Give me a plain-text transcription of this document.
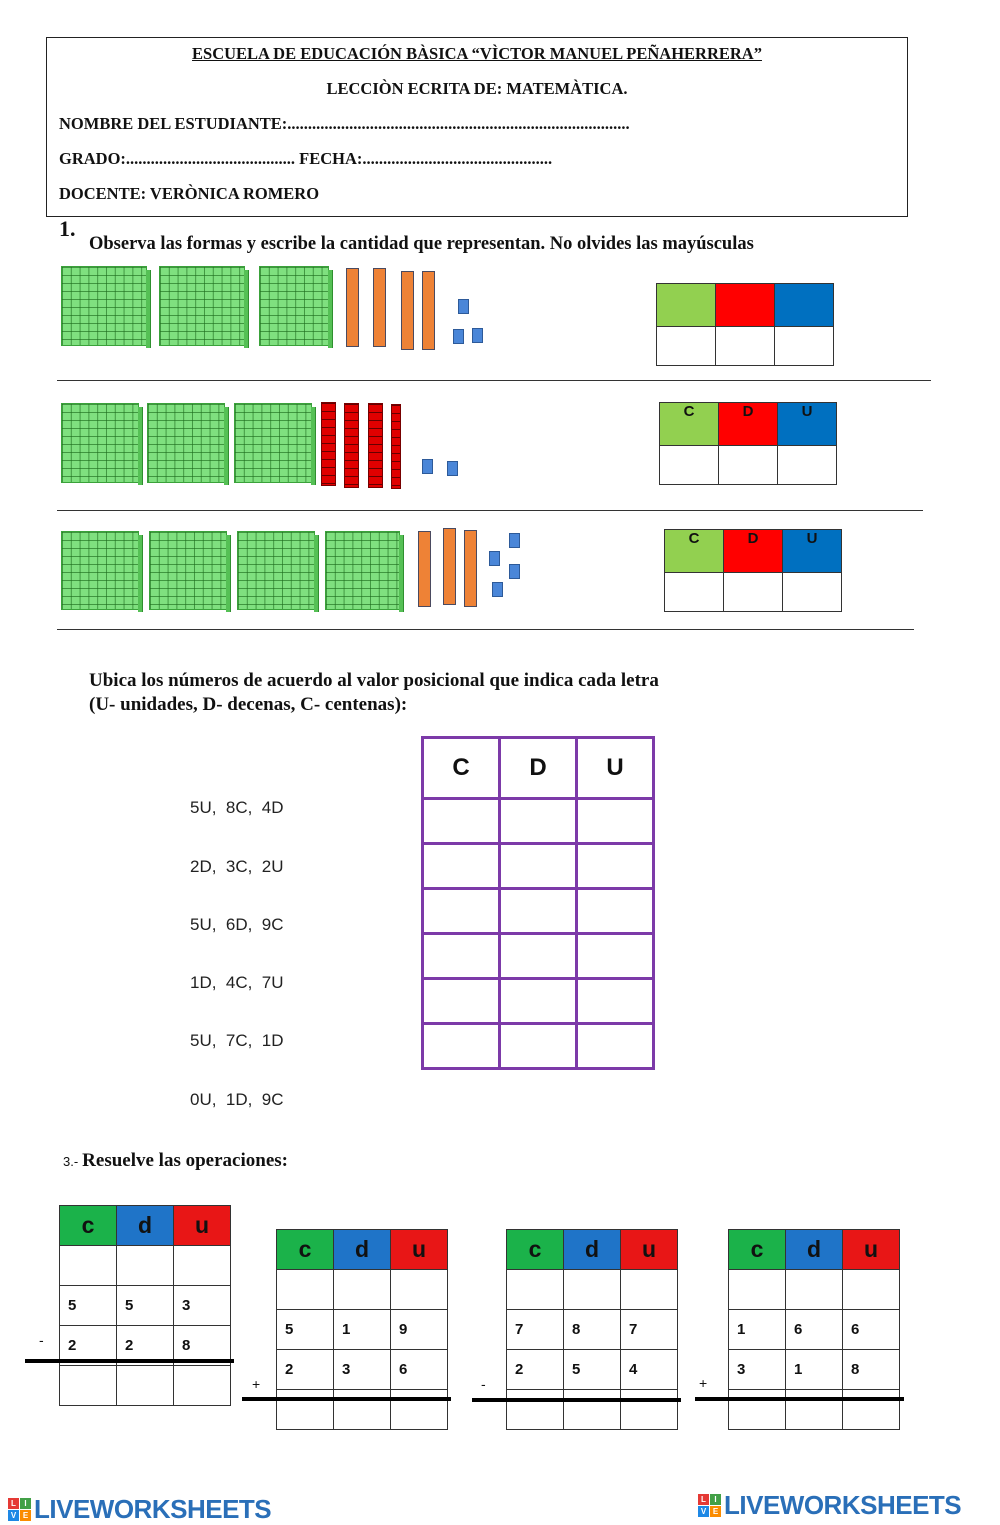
ESCUELA DE EDUCACIÓN BÀSICA “VÌCTOR MANUEL PEÑAHERRERA”
LECCIÒN ECRITA DE: MATEMÀTICA.
NOMBRE DEL ESTUDIANTE:...................................................................................
GRADO:......................................... FECHA:..............................................
DOCENTE: VERÒNICA ROMERO
1.
Observa las formas y escribe la cantidad que representan. No olvides las mayúsculas

C	D	U

C	D	U

Ubica los números de acuerdo al valor posicional que indica cada letra
(U- unidades, D- decenas, C- centenas):
5U,  8C,  4D
2D,  3C,  2U
5U,  6D,  9C
1D,  4C,  7U
5U,  7C,  1D
0U,  1D,  9C
C	D	U

3.- Resuelve las operaciones:
c	d	u

5	5	3
2	2	8

-
c	d	u

5	1	9
2	3	6

+
c	d	u

7	8	7
2	5	4

-
c	d	u

1	6	6
3	1	8

+
L	I
V E LIVEWORKSHEETS	L	I
V E LIVEWORKSHEETS
